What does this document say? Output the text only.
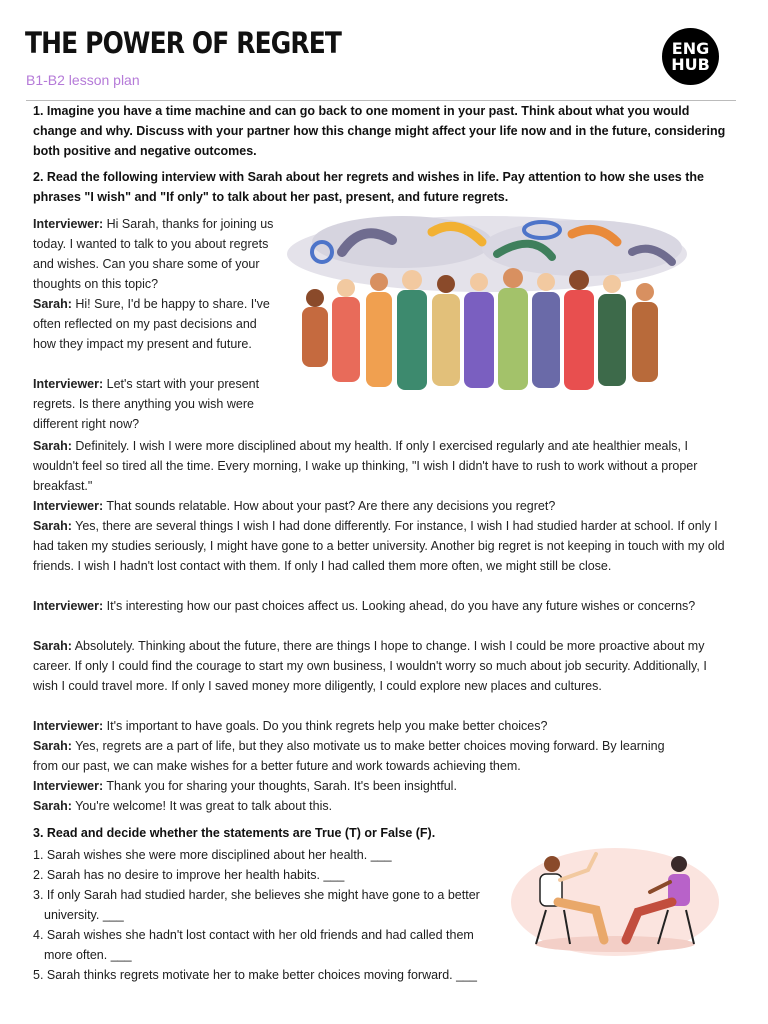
THE POWER OF REGRET
B1-B2 lesson plan
ENG
HUB
1. Imagine you have a time machine and can go back to one moment in your past. Think about what you would change and why. Discuss with your partner how this change might affect your life now and in the future, considering both positive and negative outcomes.
2. Read the following interview with Sarah about her regrets and wishes in life. Pay attention to how she uses the phrases "I wish" and "If only" to talk about her past, present, and future regrets.
Interviewer: Hi Sarah, thanks for joining us today. I wanted to talk to you about regrets and wishes. Can you share some of your thoughts on this topic?
Sarah: Hi! Sure, I'd be happy to share. I've often reflected on my past decisions and how they impact my present and future.
Interviewer: Let's start with your present regrets. Is there anything you wish were different right now?
Sarah: Definitely. I wish I were more disciplined about my health. If only I exercised regularly and ate healthier meals, I wouldn't feel so tired all the time. Every morning, I wake up thinking, "I wish I didn't have to rush to work without a proper breakfast."
Interviewer: That sounds relatable. How about your past? Are there any decisions you regret?
Sarah: Yes, there are several things I wish I had done differently. For instance, I wish I had studied harder at school. If only I had taken my studies seriously, I might have gone to a better university. Another big regret is not keeping in touch with my old friends. I wish I hadn't lost contact with them. If only I had called them more often, we might still be close.
Interviewer: It's interesting how our past choices affect us. Looking ahead, do you have any future wishes or concerns?
Sarah: Absolutely. Thinking about the future, there are things I hope to change. I wish I could be more proactive about my career. If only I could find the courage to start my own business, I wouldn't worry so much about job security. Additionally, I wish I could travel more. If only I saved money more diligently, I could explore new places and cultures.
Interviewer: It's important to have goals. Do you think regrets help you make better choices?
Sarah: Yes, regrets are a part of life, but they also motivate us to make better choices moving forward. By learning from our past, we can make wishes for a better future and work towards achieving them.
Interviewer: Thank you for sharing your thoughts, Sarah. It's been insightful.
Sarah: You're welcome! It was great to talk about this.
3. Read and decide whether the statements are True (T) or False (F).
1. Sarah wishes she were more disciplined about her health. ___
2. Sarah has no desire to improve her health habits. ___
3. If only Sarah had studied harder, she believes she might have gone to a better university. ___
4. Sarah wishes she hadn't lost contact with her old friends and had called them more often. ___
5. Sarah thinks regrets motivate her to make better choices moving forward. ___
